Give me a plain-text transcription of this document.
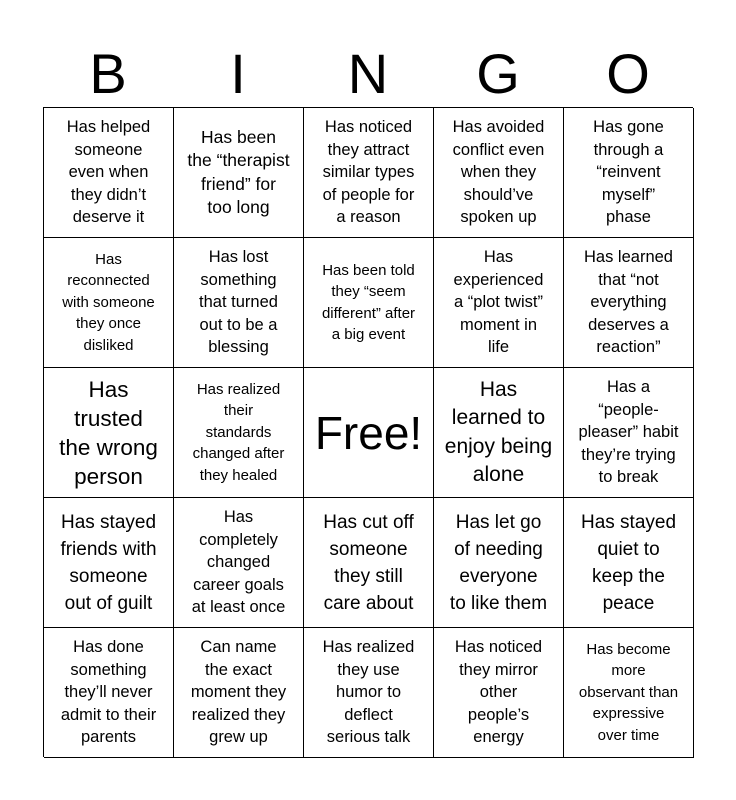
B	I	N	G	O
Has helped
someone
even when
they didn’t
deserve it
Has been
the “therapist
friend” for
too long
Has noticed
they attract
similar types
of people for
a reason
Has avoided
conflict even
when they
should’ve
spoken up
Has gone
through a
“reinvent
myself”
phase
Has
reconnected
with someone
they once
disliked
Has lost
something
that turned
out to be a
blessing
Has been told
they “seem
different” after
a big event
Has
experienced
a “plot twist”
moment in
life
Has learned
that “not
everything
deserves a
reaction”
Has
trusted
the wrong
person
Has realized
their
standards
changed after
they healed
Free!
Has
learned to
enjoy being
alone
Has a
“people-
pleaser” habit
they’re trying
to break
Has stayed
friends with
someone
out of guilt
Has
completely
changed
career goals
at least once
Has cut off
someone
they still
care about
Has let go
of needing
everyone
to like them
Has stayed
quiet to
keep the
peace
Has done
something
they’ll never
admit to their
parents
Can name
the exact
moment they
realized they
grew up
Has realized
they use
humor to
deflect
serious talk
Has noticed
they mirror
other
people’s
energy
Has become
more
observant than
expressive
over time
